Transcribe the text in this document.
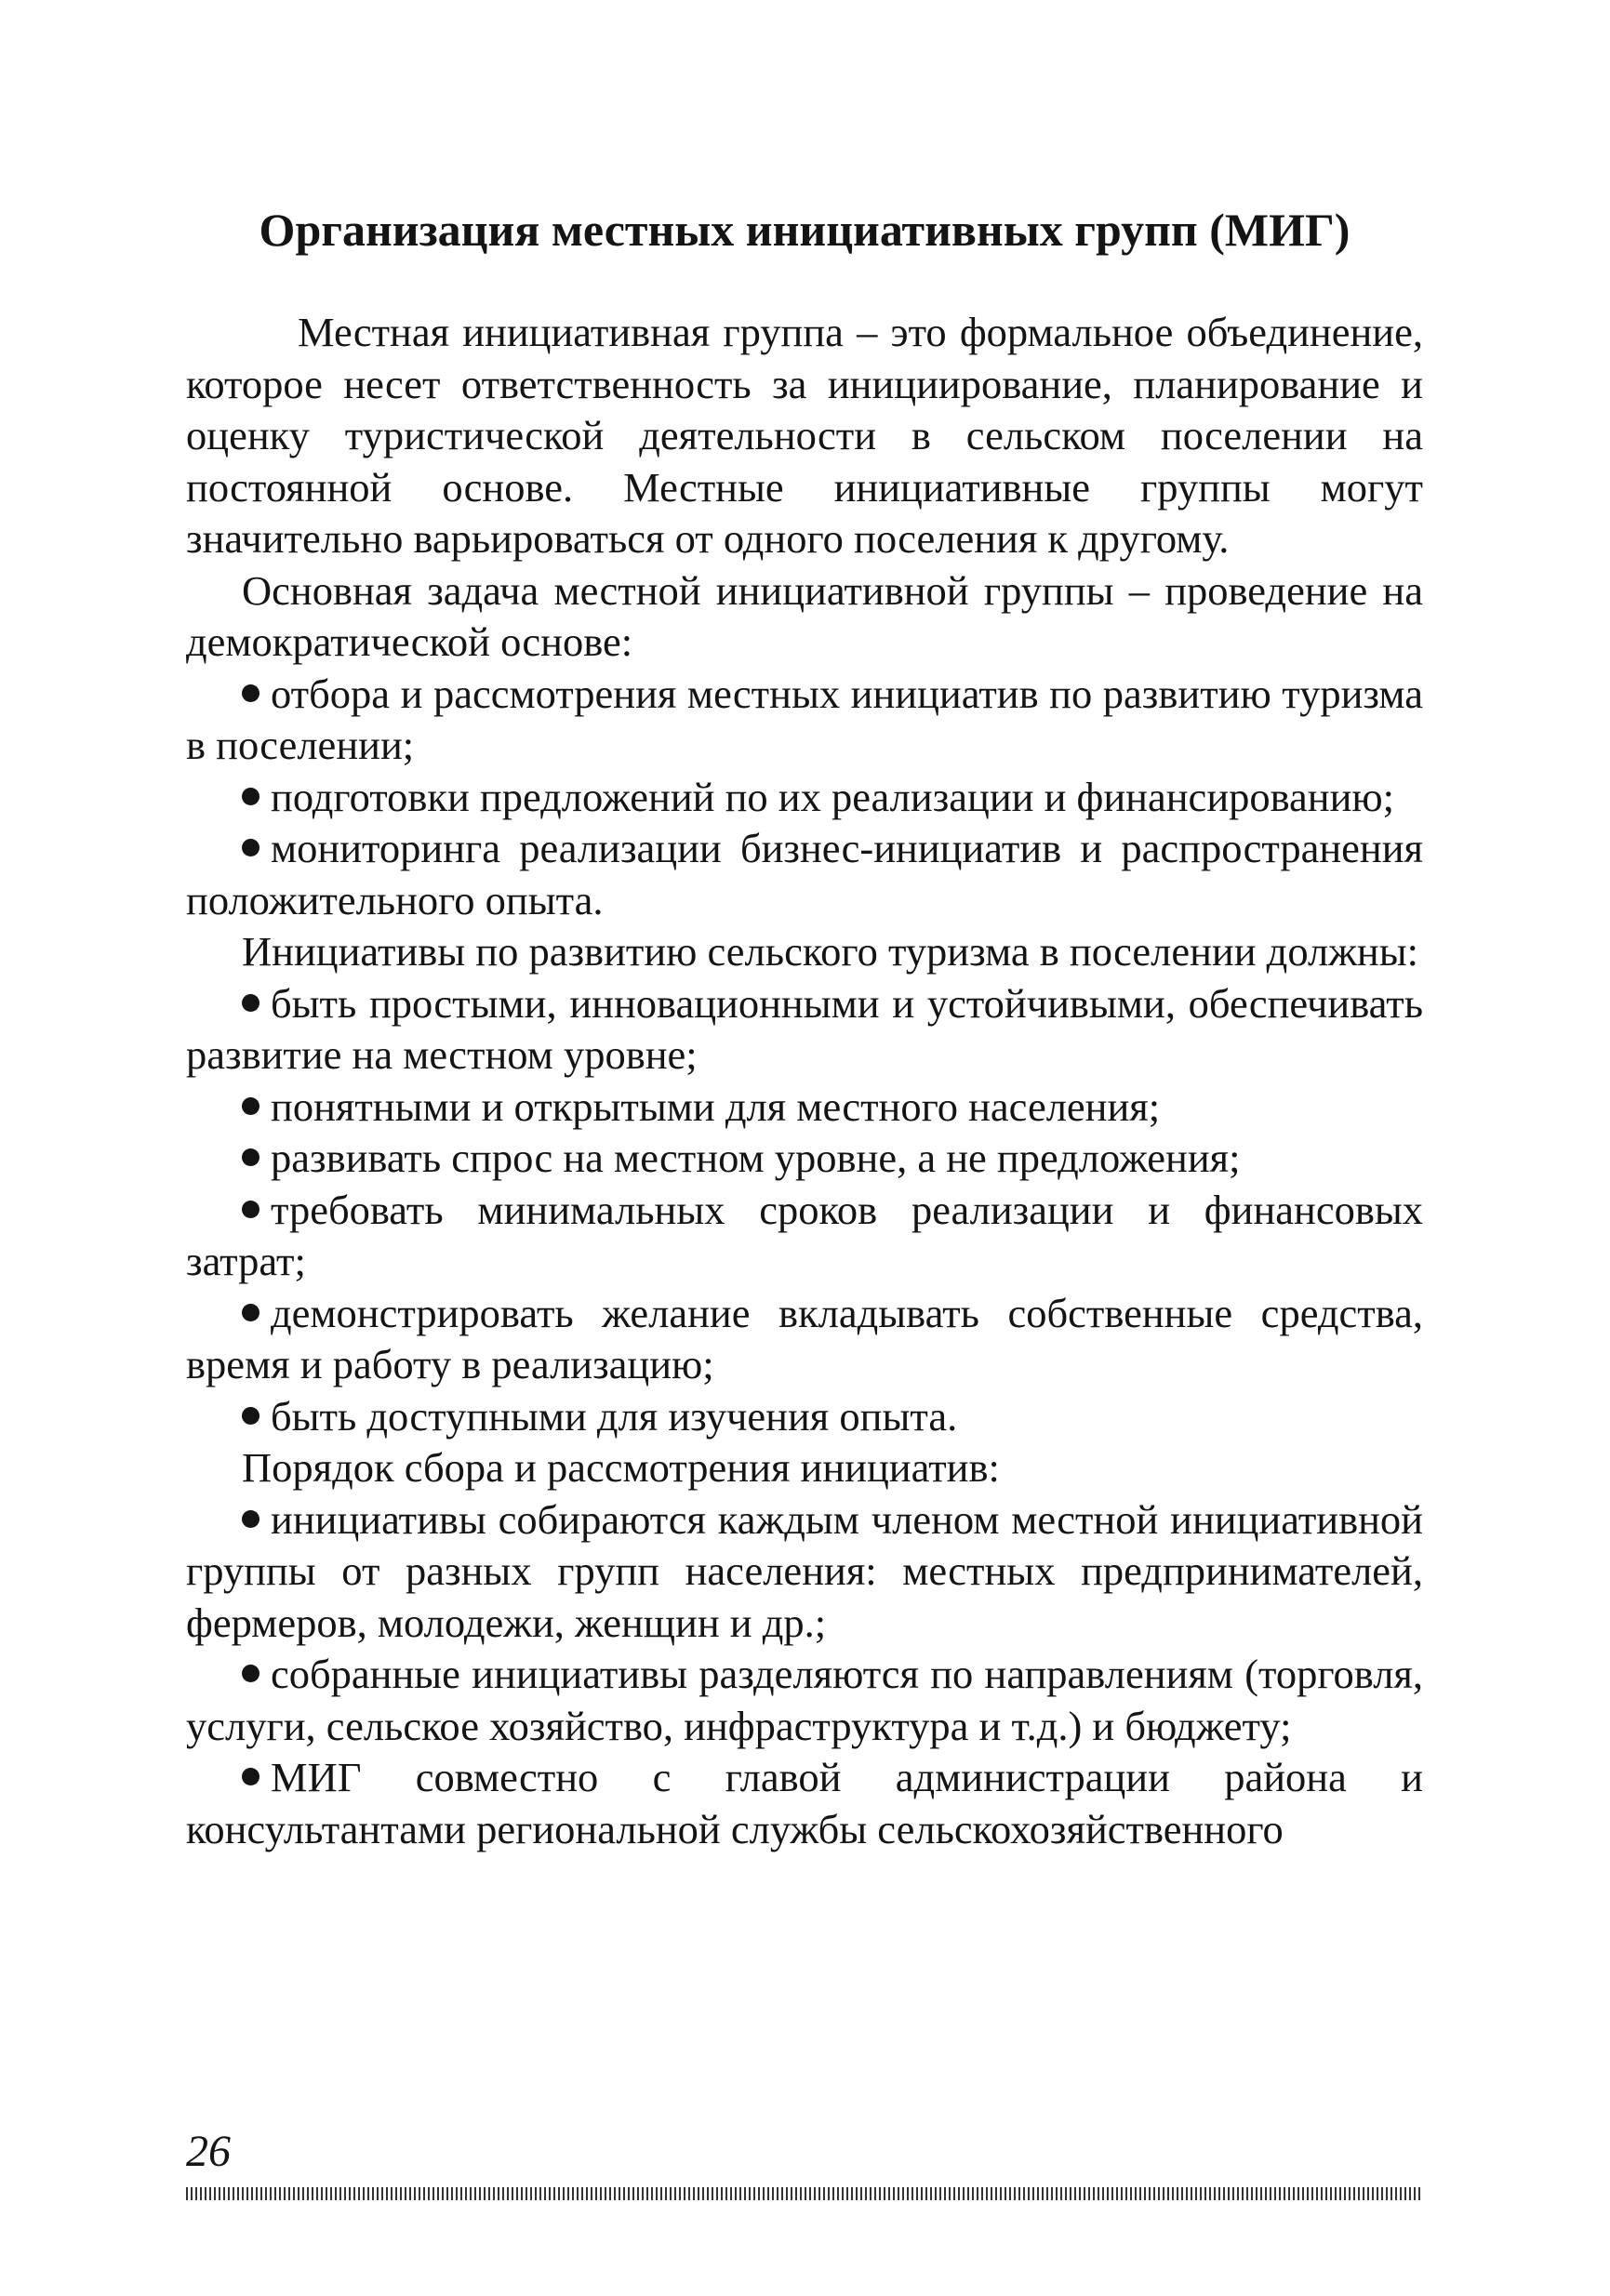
Организация местных инициативных групп (МИГ)

Местная инициативная группа – это формальное объединение, которое несет ответственность за инициирование, планирование и оценку туристической деятельности в сельском поселении на постоянной основе. Местные инициативные группы могут значительно варьироваться от одного поселения к другому.

Основная задача местной инициативной группы – проведение на демократической основе:

отбора и рассмотрения местных инициатив по развитию туризма в поселении;

подготовки предложений по их реализации и финансированию;

мониторинга реализации бизнес-инициатив и распространения положительного опыта.

Инициативы по развитию сельского туризма в поселении должны:

быть простыми, инновационными и устойчивыми, обеспечивать развитие на местном уровне;

понятными и открытыми для местного населения;

развивать спрос на местном уровне, а не предложения;

требовать минимальных сроков реализации и финансовых затрат;

демонстрировать желание вкладывать собственные средства, время и работу в реализацию;

быть доступными для изучения опыта.

Порядок сбора и рассмотрения инициатив:

инициативы собираются каждым членом местной инициативной группы от разных групп населения: местных предпринимателей, фермеров, молодежи, женщин и др.;

собранные инициативы разделяются по направлениям (торговля, услуги, сельское хозяйство, инфраструктура и т.д.) и бюджету;

МИГ совместно с главой администрации района и консультантами региональной службы сельскохозяйственного

26
